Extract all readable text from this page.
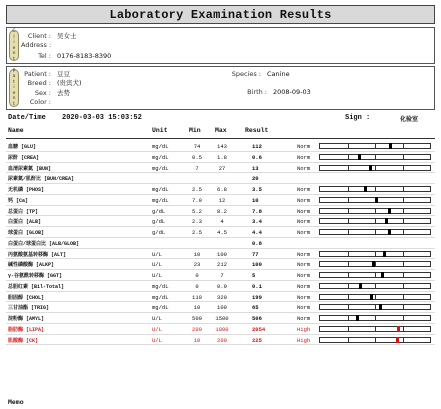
Laboratory Examination Results
C
l
i
e
n
t
Client : 吴女士
Address :
Tel : 0176-8183-8390
P
a
t
i
e
n
t
Patient : 豆豆
Breed : (贵宾犬)
Sex : 去势
Color :
Species : Canine
Birth : 2008-09-03
Date/Time 2020-03-03 15:03:52	Sign :	化验室
Name	Unit	Min Max	Result
血糖 [GLU]	mg/dL	74	143	112	Norm
尿酐 [CREA]	mg/dL	0.5	1.8	0.6	Norm
血清尿素氮 [BUN]	mg/dL	7	27	13	Norm
尿素氮/肌酐比 [BUN/CREA]	20
无机磷 [PHOS]	mg/dL	2.5	6.8	3.5	Norm
钙 [Ca]	mg/dL	7.9	12	10	Norm
总蛋白 [TP]	g/dL	5.2	8.2	7.8	Norm
白蛋白 [ALB]	g/dL	2.3	4	3.4	Norm
球蛋白 [GLOB]	g/dL	2.5	4.5	4.4	Norm
白蛋白/球蛋白比 [ALB/GLOB]	0.8
丙氨酸氨基转移酶 [ALT]	U/L	10	100	77	Norm
碱性磷酸酶 [ALKP]	U/L	23	212	100	Norm
γ-谷氨酰转移酶 [GGT]	U/L	0	7	5	Norm
总胆红素 [Bil-Total]	mg/dL	0	0.9	0.1	Norm
胆固醇 [CHOL]	mg/dL	110	320	199	Norm
三甘油酯 [TRIG]	mg/dL	10	100	65	Norm
淀粉酶 [AMYL]	U/L	500	1500	506	Norm
脂肪酶 [LIPA]	U/L	200	1800	2054	High
肌酸酶 [CK]	U/L	10	200	225	High
Memo
